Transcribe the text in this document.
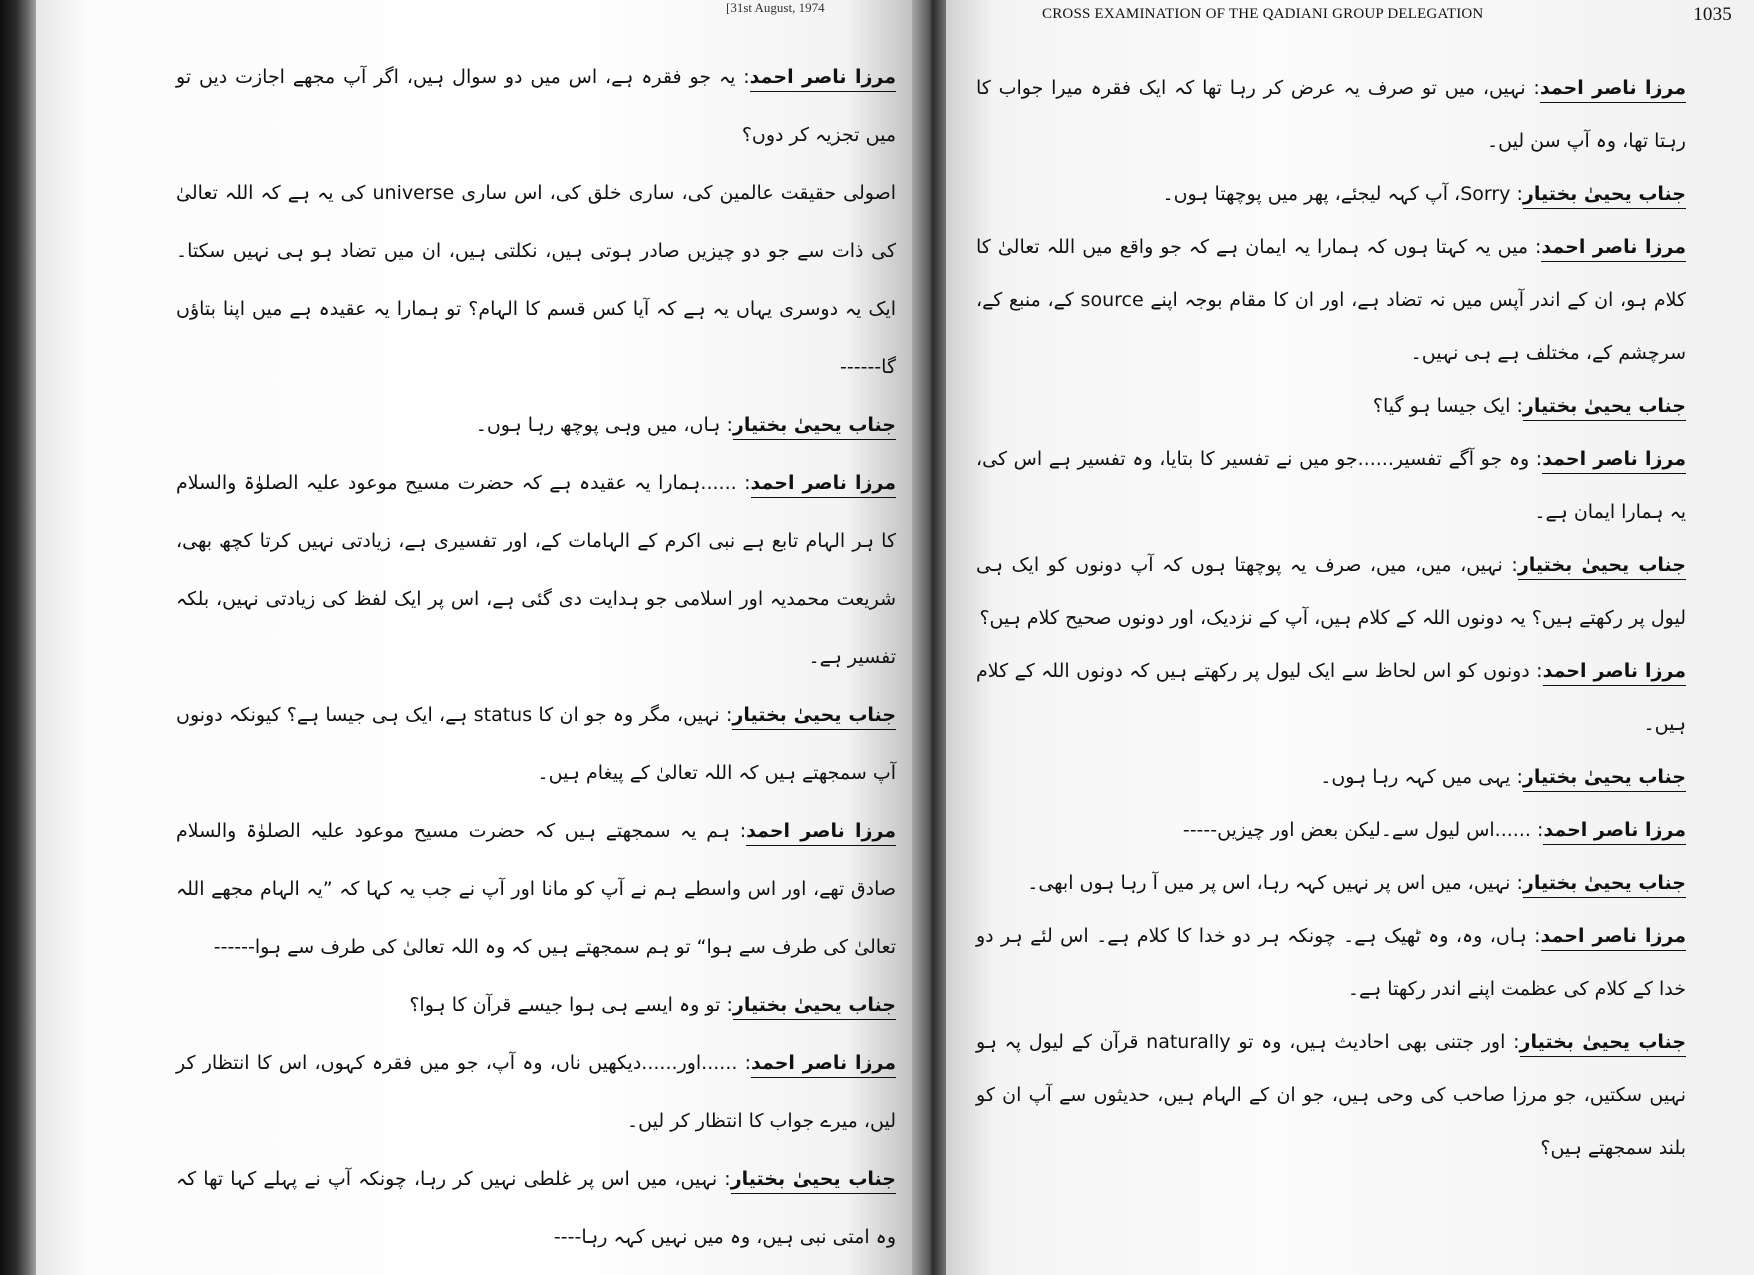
[31st August, 1974

مرزا ناصر احمد: یہ جو فقرہ ہے، اس میں دو سوال ہیں، اگر آپ مجھے اجازت دیں تو میں تجزیہ کر دوں؟

اصولی حقیقت عالمین کی، ساری خلق کی، اس ساری universe کی یہ ہے کہ اللہ تعالیٰ کی ذات سے جو دو چیزیں صادر ہوتی ہیں، نکلتی ہیں، ان میں تضاد ہو ہی نہیں سکتا۔ ایک یہ دوسری یہاں یہ ہے کہ آیا کس قسم کا الہام؟ تو ہمارا یہ عقیدہ ہے میں اپنا بتاؤں گا------

جناب یحییٰ بختیار: ہاں، میں وہی پوچھ رہا ہوں۔

مرزا ناصر احمد: ......ہمارا یہ عقیدہ ہے کہ حضرت مسیح موعود علیہ الصلوٰۃ والسلام کا ہر الہام تابع ہے نبی اکرم کے الہامات کے، اور تفسیری ہے، زیادتی نہیں کرتا کچھ بھی، شریعت محمدیہ اور اسلامی جو ہدایت دی گئی ہے، اس پر ایک لفظ کی زیادتی نہیں، بلکہ تفسیر ہے۔

جناب یحییٰ بختیار: نہیں، مگر وہ جو ان کا status ہے، ایک ہی جیسا ہے؟ کیونکہ دونوں آپ سمجھتے ہیں کہ اللہ تعالیٰ کے پیغام ہیں۔

مرزا ناصر احمد: ہم یہ سمجھتے ہیں کہ حضرت مسیح موعود علیہ الصلوٰۃ والسلام صادق تھے، اور اس واسطے ہم نے آپ کو مانا اور آپ نے جب یہ کہا کہ ”یہ الہام مجھے اللہ تعالیٰ کی طرف سے ہوا“ تو ہم سمجھتے ہیں کہ وہ اللہ تعالیٰ کی طرف سے ہوا------

جناب یحییٰ بختیار: تو وہ ایسے ہی ہوا جیسے قرآن کا ہوا؟

مرزا ناصر احمد: ......اور......دیکھیں ناں، وہ آپ، جو میں فقرہ کہوں، اس کا انتظار کر لیں، میرے جواب کا انتظار کر لیں۔

جناب یحییٰ بختیار: نہیں، میں اس پر غلطی نہیں کر رہا، چونکہ آپ نے پہلے کہا تھا کہ وہ امتی نبی ہیں، وہ میں نہیں کہہ رہا----

CROSS EXAMINATION OF THE QADIANI GROUP DELEGATION	1035

مرزا ناصر احمد: نہیں، میں تو صرف یہ عرض کر رہا تھا کہ ایک فقرہ میرا جواب کا رہتا تھا، وہ آپ سن لیں۔

جناب یحییٰ بختیار: Sorry، آپ کہہ لیجئے، پھر میں پوچھتا ہوں۔

مرزا ناصر احمد: میں یہ کہتا ہوں کہ ہمارا یہ ایمان ہے کہ جو واقع میں اللہ تعالیٰ کا کلام ہو، ان کے اندر آپس میں نہ تضاد ہے، اور ان کا مقام بوجہ اپنے source کے، منبع کے، سرچشم کے، مختلف ہے ہی نہیں۔

جناب یحییٰ بختیار: ایک جیسا ہو گیا؟

مرزا ناصر احمد: وہ جو آگے تفسیر......جو میں نے تفسیر کا بتایا، وہ تفسیر ہے اس کی، یہ ہمارا ایمان ہے۔

جناب یحییٰ بختیار: نہیں، میں، میں، صرف یہ پوچھتا ہوں کہ آپ دونوں کو ایک ہی لیول پر رکھتے ہیں؟ یہ دونوں اللہ کے کلام ہیں، آپ کے نزدیک، اور دونوں صحیح کلام ہیں؟

مرزا ناصر احمد: دونوں کو اس لحاظ سے ایک لیول پر رکھتے ہیں کہ دونوں اللہ کے کلام ہیں۔

جناب یحییٰ بختیار: یہی میں کہہ رہا ہوں۔

مرزا ناصر احمد: ......اس لیول سے۔لیکن بعض اور چیزیں-----

جناب یحییٰ بختیار: نہیں، میں اس پر نہیں کہہ رہا، اس پر میں آ رہا ہوں ابھی۔

مرزا ناصر احمد: ہاں، وہ، وہ ٹھیک ہے۔ چونکہ ہر دو خدا کا کلام ہے۔ اس لئے ہر دو خدا کے کلام کی عظمت اپنے اندر رکھتا ہے۔

جناب یحییٰ بختیار: اور جتنی بھی احادیث ہیں، وہ تو naturally قرآن کے لیول پہ ہو نہیں سکتیں، جو مرزا صاحب کی وحی ہیں، جو ان کے الہام ہیں، حدیثوں سے آپ ان کو بلند سمجھتے ہیں؟
